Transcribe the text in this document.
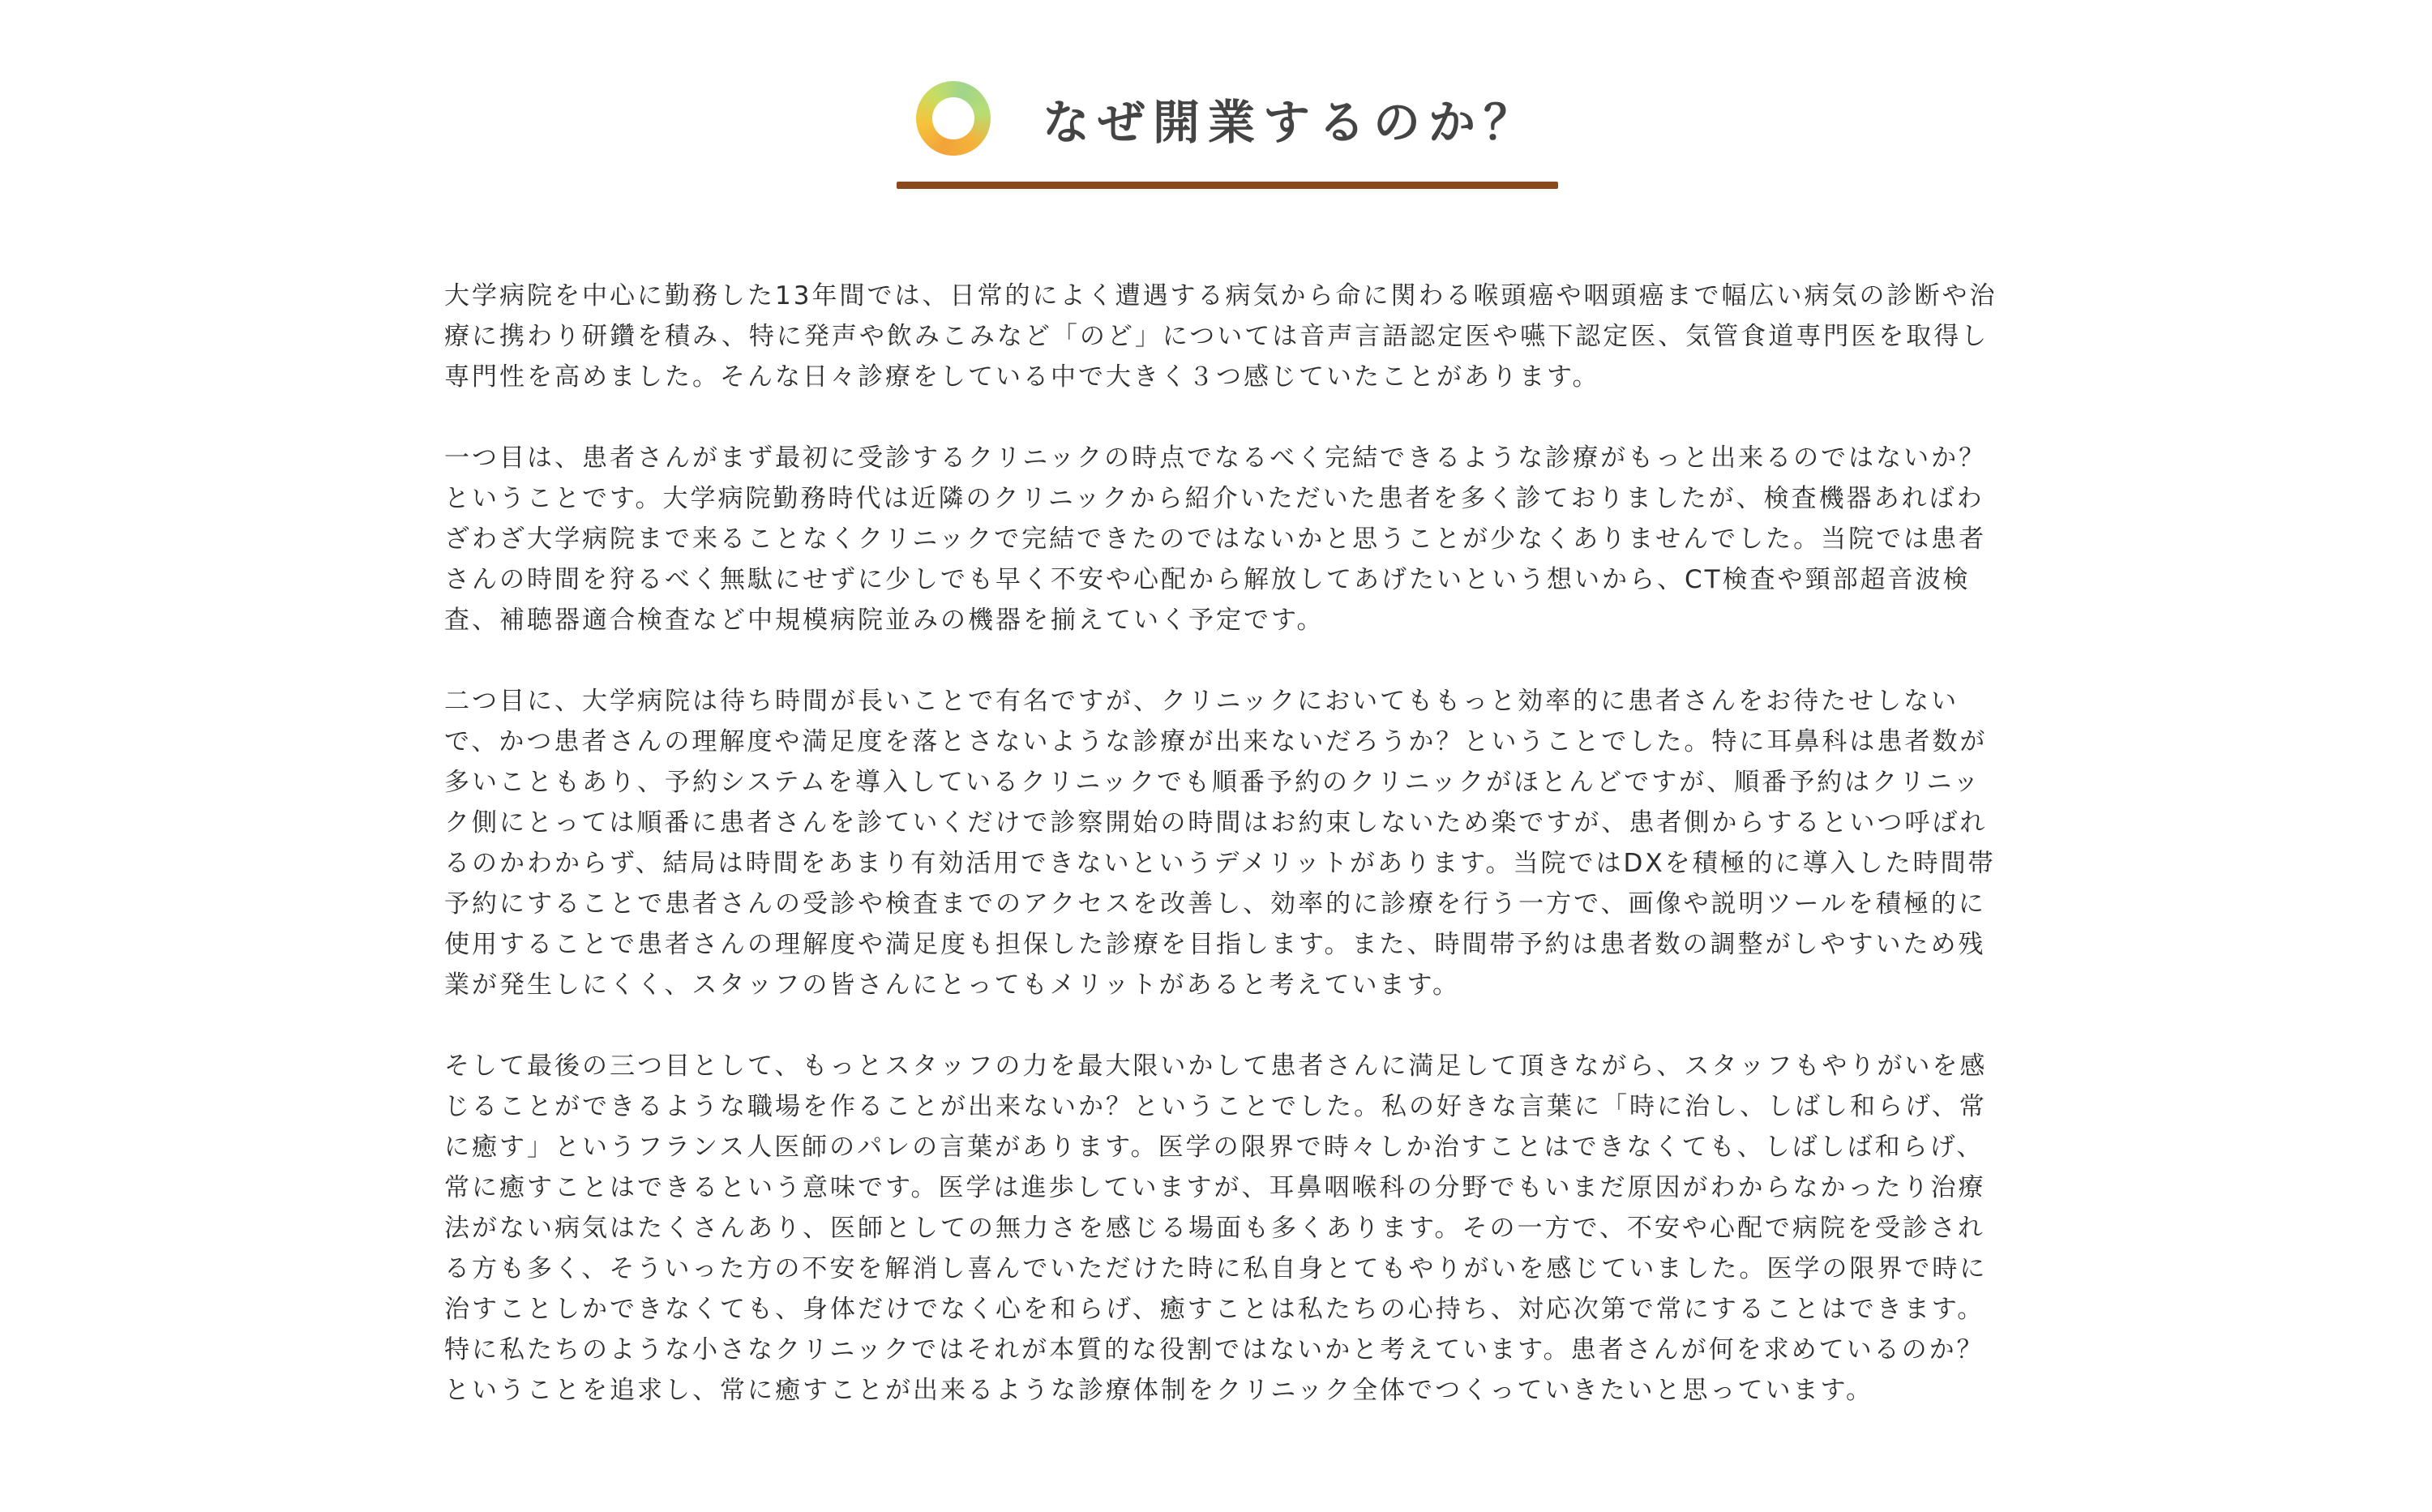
なぜ開業するのか？

大学病院を中心に勤務した13年間では、日常的によく遭遇する病気から命に関わる喉頭癌や咽頭癌まで幅広い病気の診断や治療に携わり研鑽を積み、特に発声や飲みこみなど「のど」については音声言語認定医や嚥下認定医、気管食道専門医を取得し専門性を高めました。そんな日々診療をしている中で大きく３つ感じていたことがあります。

一つ目は、患者さんがまず最初に受診するクリニックの時点でなるべく完結できるような診療がもっと出来るのではないか？ということです。大学病院勤務時代は近隣のクリニックから紹介いただいた患者を多く診ておりましたが、検査機器あればわざわざ大学病院まで来ることなくクリニックで完結できたのではないかと思うことが少なくありませんでした。当院では患者さんの時間を狩るべく無駄にせずに少しでも早く不安や心配から解放してあげたいという想いから、CT検査や頸部超音波検査、補聴器適合検査など中規模病院並みの機器を揃えていく予定です。

二つ目に、大学病院は待ち時間が長いことで有名ですが、クリニックにおいてももっと効率的に患者さんをお待たせしないで、かつ患者さんの理解度や満足度を落とさないような診療が出来ないだろうか？ということでした。特に耳鼻科は患者数が多いこともあり、予約システムを導入しているクリニックでも順番予約のクリニックがほとんどですが、順番予約はクリニック側にとっては順番に患者さんを診ていくだけで診察開始の時間はお約束しないため楽ですが、患者側からするといつ呼ばれるのかわからず、結局は時間をあまり有効活用できないというデメリットがあります。当院ではDXを積極的に導入した時間帯予約にすることで患者さんの受診や検査までのアクセスを改善し、効率的に診療を行う一方で、画像や説明ツールを積極的に使用することで患者さんの理解度や満足度も担保した診療を目指します。また、時間帯予約は患者数の調整がしやすいため残業が発生しにくく、スタッフの皆さんにとってもメリットがあると考えています。

そして最後の三つ目として、もっとスタッフの力を最大限いかして患者さんに満足して頂きながら、スタッフもやりがいを感じることができるような職場を作ることが出来ないか？ということでした。私の好きな言葉に「時に治し、しばし和らげ、常に癒す」というフランス人医師のパレの言葉があります。医学の限界で時々しか治すことはできなくても、しばしば和らげ、常に癒すことはできるという意味です。医学は進歩していますが、耳鼻咽喉科の分野でもいまだ原因がわからなかったり治療法がない病気はたくさんあり、医師としての無力さを感じる場面も多くあります。その一方で、不安や心配で病院を受診される方も多く、そういった方の不安を解消し喜んでいただけた時に私自身とてもやりがいを感じていました。医学の限界で時に治すことしかできなくても、身体だけでなく心を和らげ、癒すことは私たちの心持ち、対応次第で常にすることはできます。特に私たちのような小さなクリニックではそれが本質的な役割ではないかと考えています。患者さんが何を求めているのか？ということを追求し、常に癒すことが出来るような診療体制をクリニック全体でつくっていきたいと思っています。
